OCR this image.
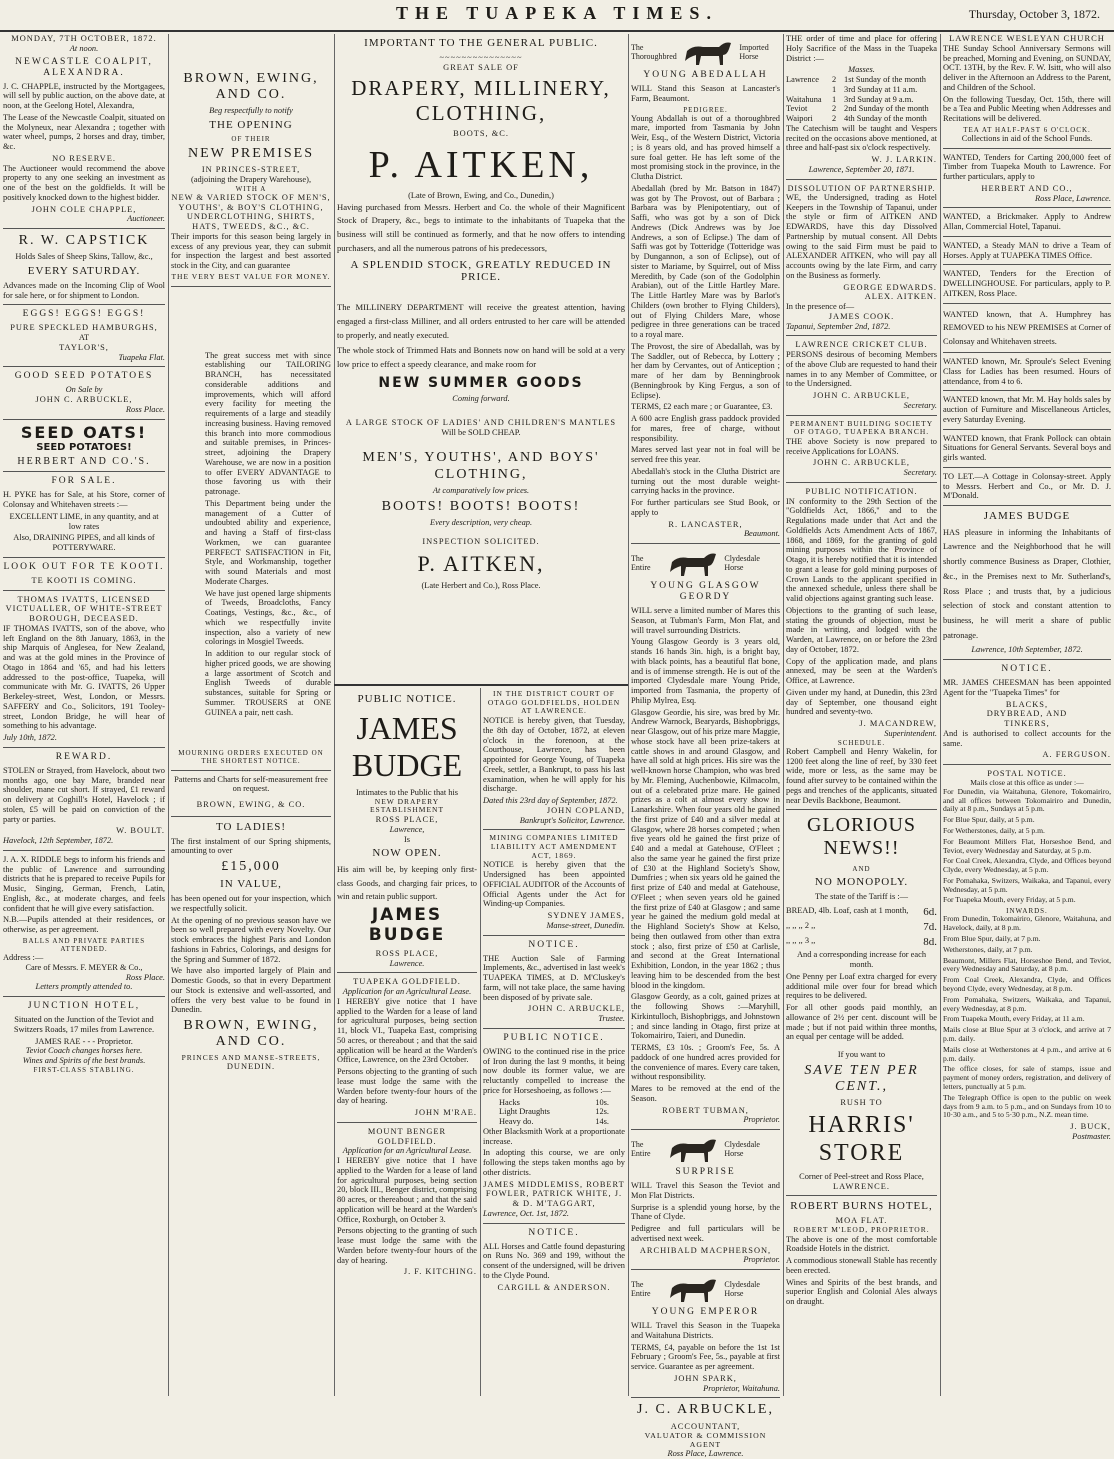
THE TUAPEKA TIMES.	Thursday, October 3, 1872.
MONDAY, 7TH OCTOBER, 1872.
At noon.
NEWCASTLE COALPIT, ALEXANDRA.

J. C. CHAPPLE, instructed by the Mortgagees, will sell by public auction, on the above date, at noon, at the Geelong Hotel, Alexandra,

The Lease of the Newcastle Coalpit, situated on the Molyneux, near Alexandra ; together with water wheel, pumps, 2 horses and dray, timber, &c.

NO RESERVE.

The Auctioneer would recommend the above property to any one seeking an investment as one of the best on the goldfields. It will be positively knocked down to the highest bidder.

JOHN COLE CHAPPLE,
Auctioneer.
R. W. CAPSTICK

Holds Sales of Sheep Skins, Tallow, &c.,

EVERY SATURDAY.

Advances made on the Incoming Clip of Wool for sale here, or for shipment to London.

EGGS! EGGS! EGGS!
PURE SPECKLED HAMBURGHS,
AT
TAYLOR'S,
Tuapeka Flat.
GOOD SEED POTATOES
On Sale by
JOHN C. ARBUCKLE,
Ross Place.
SEED OATS!
SEED POTATOES!
HERBERT AND CO.'S.
FOR SALE.

H. PYKE has for Sale, at his Store, corner of Colonsay and Whitehaven streets :—

EXCELLENT LIME, in any quantity, and at low rates

Also, DRAINING PIPES, and all kinds of POTTERYWARE.

LOOK OUT FOR TE KOOTI.
TE KOOTI IS COMING.
THOMAS IVATTS, LICENSED VICTUALLER, OF WHITE-STREET BOROUGH, DECEASED.

IF THOMAS IVATTS, son of the above, who left England on the 8th January, 1863, in the ship Marquis of Anglesea, for New Zealand, and was at the gold mines in the Province of Otago in 1864 and '65, and had his letters addressed to the post-office, Tuapeka, will communicate with Mr. G. IVATTS, 26 Upper Berkeley-street, West, London, or Messrs. SAFFERY and Co., Solicitors, 191 Tooley-street, London Bridge, he will hear of something to his advantage.

July 10th, 1872.
REWARD.

STOLEN or Strayed, from Havelock, about two months ago, one bay Mare, branded near shoulder, mane cut short. If strayed, £1 reward on delivery at Coghill's Hotel, Havelock ; if stolen, £5 will be paid on conviction of the party or parties.

W. BOULT.
Havelock, 12th September, 1872.

J. A. X. RIDDLE begs to inform his friends and the public of Lawrence and surrounding districts that he is prepared to receive Pupils for Music, Singing, German, French, Latin, English, &c., at moderate charges, and feels confident that he will give every satisfaction.

N.B.—Pupils attended at their residences, or otherwise, as per agreement.

BALLS AND PRIVATE PARTIES ATTENDED.
Address :—
Care of Messrs. F. MEYER & Co.,
Ross Place.
Letters promptly attended to.
JUNCTION HOTEL,

Situated on the Junction of the Teviot and Switzers Roads, 17 miles from Lawrence.

JAMES RAE - - - Proprietor.
Teviot Coach changes horses here.
Wines and Spirits of the best brands.
FIRST-CLASS STABLING.
BROWN, EWING, AND CO.
Beg respectfully to notify
THE OPENING
OF THEIR
NEW PREMISES
IN PRINCES-STREET,
(adjoining the Drapery Warehouse),
WITH A
NEW & VARIED STOCK OF MEN'S,
YOUTHS', & BOY'S CLOTHING,
UNDERCLOTHING, SHIRTS,
HATS, TWEEDS, &C., &C.

Their imports for this season being largely in excess of any previous year, they can submit for inspection the largest and best assorted stock in the City, and can guarantee

THE VERY BEST VALUE FOR MONEY.

The great success met with since establishing our TAILORING BRANCH, has necessitated considerable additions and improvements, which will afford every facility for meeting the requirements of a large and steadily increasing business. Having removed this branch into more commodious and suitable premises, in Princes-street, adjoining the Drapery Warehouse, we are now in a position to offer EVERY ADVANTAGE to those favoring us with their patronage.

This Department being under the management of a Cutter of undoubted ability and experience, and having a Staff of first-class Workmen, we can guarantee PERFECT SATISFACTION in Fit, Style, and Workmanship, together with sound Materials and most Moderate Charges.

We have just opened large shipments of Tweeds, Broadcloths, Fancy Coatings, Vestings, &c., &c., of which we respectfully invite inspection, also a variety of new colorings in Mosgiel Tweeds.

In addition to our regular stock of higher priced goods, we are showing a large assortment of Scotch and English Tweeds of durable substances, suitable for Spring or Summer. TROUSERS at ONE GUINEA a pair, nett cash.

MOURNING ORDERS EXECUTED ON THE SHORTEST NOTICE.

Patterns and Charts for self-measurement free on request.

BROWN, EWING, & CO.
TO LADIES!

The first instalment of our Spring shipments, amounting to over

£15,000
IN VALUE,

has been opened out for your inspection, which we respectfully solicit.

At the opening of no previous season have we been so well prepared with every Novelty. Our stock embraces the highest Paris and London fashions in Fabrics, Colorings, and designs for the Spring and Summer of 1872.

We have also imported largely of Plain and Domestic Goods, so that in every Department our Stock is extensive and well-assorted, and offers the very best value to be found in Dunedin.

BROWN, EWING, AND CO.
PRINCES AND MANSE-STREETS,
DUNEDIN.
IMPORTANT TO THE GENERAL PUBLIC.
~~~~~~~~~~~~~~~
GREAT SALE OF
DRAPERY, MILLINERY, CLOTHING,
BOOTS, &C.
P. AITKEN,
(Late of Brown, Ewing, and Co., Dunedin,)

Having purchased from Messrs. Herbert and Co. the whole of their Magnificent Stock of Drapery, &c., begs to intimate to the inhabitants of Tuapeka that the business will still be continued as formerly, and that he now offers to intending purchasers, and all the numerous patrons of his predecessors,

A SPLENDID STOCK, GREATLY REDUCED IN PRICE.

The MILLINERY DEPARTMENT will receive the greatest attention, having engaged a first-class Milliner, and all orders entrusted to her care will be attended to properly, and neatly executed.

The whole stock of Trimmed Hats and Bonnets now on hand will be sold at a very low price to effect a speedy clearance, and make room for

NEW SUMMER GOODS
Coming forward.
A LARGE STOCK OF LADIES' AND CHILDREN'S MANTLES
Will be SOLD CHEAP.
MEN'S, YOUTHS', AND BOYS' CLOTHING,
At comparatively low prices.
BOOTS! BOOTS! BOOTS!
Every description, very cheap.
INSPECTION SOLICITED.
P. AITKEN,
(Late Herbert and Co.), Ross Place.
PUBLIC NOTICE.
JAMES BUDGE
Intimates to the Public that his
NEW DRAPERY ESTABLISHMENT
ROSS PLACE,
Lawrence,
Is
NOW OPEN.

His aim will be, by keeping only first-class Goods, and charging fair prices, to win and retain public support.

JAMES BUDGE
ROSS PLACE,
Lawrence.
TUAPEKA GOLDFIELD.
Application for an Agricultural Lease.

I HEREBY give notice that I have applied to the Warden for a lease of land for agricultural purposes, being section 11, block VI., Tuapeka East, comprising 50 acres, or thereabout ; and that the said application will be heard at the Warden's Office, Lawrence, on the 23rd October.

Persons objecting to the granting of such lease must lodge the same with the Warden before twenty-four hours of the day of hearing.

JOHN M'RAE.
MOUNT BENGER GOLDFIELD.
Application for an Agricultural Lease.

I HEREBY give notice that I have applied to the Warden for a lease of land for agricultural purposes, being section 20, block III., Benger district, comprising 80 acres, or thereabout ; and that the said application will be heard at the Warden's Office, Roxburgh, on October 3.

Persons objecting to the granting of such lease must lodge the same with the Warden before twenty-four hours of the day of hearing.

J. F. KITCHING.
IN THE DISTRICT COURT OF OTAGO GOLDFIELDS, HOLDEN AT LAWRENCE.

NOTICE is hereby given, that Tuesday, the 8th day of October, 1872, at eleven o'clock in the forenoon, at the Courthouse, Lawrence, has been appointed for George Young, of Tuapeka Creek, settler, a Bankrupt, to pass his last examination, when he will apply for his discharge.

Dated this 23rd day of September, 1872.
JOHN COPLAND,
Bankrupt's Solicitor, Lawrence.
MINING COMPANIES LIMITED LIABILITY ACT AMENDMENT ACT, 1869.

NOTICE is hereby given that the Undersigned has been appointed OFFICIAL AUDITOR of the Accounts of Official Agents under the Act for Winding-up Companies.

SYDNEY JAMES,
Manse-street, Dunedin.
NOTICE.

THE Auction Sale of Farming Implements, &c., advertised in last week's TUAPEKA TIMES, at D. M'Cluskey's farm, will not take place, the same having been disposed of by private sale.

JOHN C. ARBUCKLE,
Trustee.
PUBLIC NOTICE.

OWING to the continued rise in the price of Iron during the last 9 months, it being now double its former value, we are reluctantly compelled to increase the price for Horseshoeing, as follows :—

Hacks	10s.
Light Draughts	12s.
Heavy do.	14s.

Other Blacksmith Work at a proportionate increase.

In adopting this course, we are only following the steps taken months ago by other districts.

JAMES MIDDLEMISS, ROBERT FOWLER, PATRICK WHITE, J. & D. M'TAGGART,
Lawrence, Oct. 1st, 1872.
NOTICE.

ALL Horses and Cattle found depasturing on Runs No. 369 and 199, without the consent of the undersigned, will be driven to the Clyde Pound.

CARGILL & ANDERSON.
The Thoroughbred
Imported Horse
YOUNG ABEDALLAH

WILL Stand this Season at Lancaster's Farm, Beaumont.

PEDIGREE.

Young Abdallah is out of a thoroughbred mare, imported from Tasmania by John Weir, Esq., of the Western District, Victoria ; is 8 years old, and has proved himself a sure foal getter. He has left some of the most promising stock in the province, in the Clutha District.

Abedallah (bred by Mr. Batson in 1847) was got by The Provost, out of Barbara ; Barbara was by Plenipotentiary, out of Saffi, who was got by a son of Dick Andrews (Dick Andrews was by Joe Andrews, a son of Eclipse.) The dam of Saffi was got by Totteridge (Totteridge was by Dungannon, a son of Eclipse), out of sister to Mariame, by Squirrel, out of Miss Meredith, by Cade (son of the Godolphin Arabian), out of the Little Hartley Mare. The Little Hartley Mare was by Barlot's Childers (own brother to Flying Childers), out of Flying Childers Mare, whose pedigree in three generations can be traced to a royal mare.

The Provost, the sire of Abedallah, was by The Saddler, out of Rebecca, by Lottery ; her dam by Cervantes, out of Antiception ; mare of her dam by Benningbrook (Benningbrook by King Fergus, a son of Eclipse).

TERMS, £2 each mare ; or Guarantee, £3.

A 600 acre English grass paddock provided for mares, free of charge, without responsibility.

Mares served last year not in foal will be served free this year.

Abedallah's stock in the Clutha District are turning out the most durable weight-carrying hacks in the province.

For further particulars see Stud Book, or apply to

R. LANCASTER,
Beaumont.
The Entire
Clydesdale Horse
YOUNG GLASGOW GEORDY

WILL serve a limited number of Mares this Season, at Tubman's Farm, Mon Flat, and will travel surrounding Districts.

Young Glasgow Geordy is 3 years old, stands 16 hands 3in. high, is a bright bay, with black points, has a beautiful flat bone, and is of immense strength. He is out of the imported Clydesdale mare Young Pride, imported from Tasmania, the property of Philip Mylrea, Esq.

Glasgow Geordie, his sire, was bred by Mr. Andrew Warnock, Bearyards, Bishopbriggs, near Glasgow, out of his prize mare Maggie, whose stock have all been prize-takers at cattle shows in and around Glasgow, and have all sold at high prices. His sire was the well-known horse Champion, who was bred by Mr. Fleming, Auchenbowie, Kilmacolm, out of a celebrated prize mare. He gained prizes as a colt at almost every show in Lanarkshire. When four years old he gained the first prize of £40 and a silver medal at Glasgow, where 28 horses competed ; when five years old he gained the first prize of £40 and a medal at Gatehouse, O'Fleet ; also the same year he gained the first prize of £30 at the Highland Society's Show, Dumfries ; when six years old he gained the first prize of £40 and medal at Gatehouse, O'Fleet ; when seven years old he gained the first prize of £40 at Glasgow ; and same year he gained the medium gold medal at the Highland Society's Show at Kelso, being then outlawed from other than extra stock ; also, first prize of £50 at Carlisle, and second at the Great International Exhibition, London, in the year 1862 ; thus leaving him to be descended from the best blood in the kingdom.

Glasgow Geordy, as a colt, gained prizes at the following Shows :—Maryhill, Kirkintulloch, Bishopbriggs, and Johnstown ; and since landing in Otago, first prize at Tokomairiro, Taieri, and Dunedin.

TERMS, £3 10s. ; Groom's Fee, 5s. A paddock of one hundred acres provided for the convenience of mares. Every care taken, without responsibility.

Mares to be removed at the end of the Season.

ROBERT TUBMAN,
Proprietor.
The Entire
Clydesdale Horse
SURPRISE

WILL Travel this Season the Teviot and Mon Flat Districts.

Surprise is a splendid young horse, by the Thane of Clyde.

Pedigree and full particulars will be advertised next week.

ARCHIBALD MACPHERSON,
Proprietor.
The Entire
Clydesdale Horse
YOUNG EMPEROR

WILL Travel this Season in the Tuapeka and Waitahuna Districts.

TERMS, £4, payable on before the 1st 1st February ; Groom's Fee, 5s., payable at first service. Guarantee as per agreement.

JOHN SPARK,
Proprietor, Waitahuna.
J. C. ARBUCKLE,
ACCOUNTANT,
VALUATOR & COMMISSION AGENT
Ross Place, Lawrence.

THE order of time and place for offering Holy Sacrifice of the Mass in the Tuapeka District :—

Masses.
Lawrence	2 1st Sunday of the month
1 3rd Sunday at 11 a.m.
Waitahuna	1 3rd Sunday at 9 a.m.
Teviot	2 2nd Sunday of the month
Waipori	2 4th Sunday of the month

The Catechism will be taught and Vespers recited on the occasions above mentioned, at three and half-past six o'clock respectively.

W. J. LARKIN.
Lawrence, September 20, 1871.
DISSOLUTION OF PARTNERSHIP.

WE, the Undersigned, trading as Hotel Keepers in the Township of Tapanui, under the style or firm of AITKEN AND EDWARDS, have this day Dissolved Partnership by mutual consent. All Debts owing to the said Firm must be paid to ALEXANDER AITKEN, who will pay all accounts owing by the late Firm, and carry on the Business as formerly.

GEORGE EDWARDS.
ALEX. AITKEN.
In the presence of—
JAMES COOK.
Tapanui, September 2nd, 1872.
LAWRENCE CRICKET CLUB.

PERSONS desirous of becoming Members of the above Club are requested to hand their names in to any Member of Committee, or to the Undersigned.

JOHN C. ARBUCKLE,
Secretary.
PERMANENT BUILDING SOCIETY OF OTAGO, TUAPEKA BRANCH.

THE above Society is now prepared to receive Applications for LOANS.

JOHN C. ARBUCKLE,
Secretary.
PUBLIC NOTIFICATION.

IN conformity to the 29th Section of the "Goldfields Act, 1866," and to the Regulations made under that Act and the Goldfields Acts Amendment Acts of 1867, 1868, and 1869, for the granting of gold mining purposes within the Province of Otago, it is hereby notified that it is intended to grant a lease for gold mining purposes of Crown Lands to the applicant specified in the annexed schedule, unless there shall be valid objections against granting such lease.

Objections to the granting of such lease, stating the grounds of objection, must be made in writing, and lodged with the Warden, at Lawrence, on or before the 23rd day of October, 1872.

Copy of the application made, and plans annexed, may be seen at the Warden's Office, at Lawrence.

Given under my hand, at Dunedin, this 23rd day of September, one thousand eight hundred and seventy-two.

J. MACANDREW,
Superintendent.
SCHEDULE.

Robert Campbell and Henry Wakelin, for 1200 feet along the line of reef, by 330 feet wide, more or less, as the same may be found after survey to be contained within the pegs and trenches of the applicants, situated near Devils Backbone, Beaumont.

GLORIOUS NEWS!!
AND
NO MONOPOLY.
The state of the Tariff is :—
BREAD, 4lb. Loaf, cash at 1 month, 6d.
,, ,, ,, 2 ,,	7d.
,, ,, ,, 3 ,,	8d.

And a corresponding increase for each month.

One Penny per Loaf extra charged for every additional mile over four for bread which requires to be delivered.

For all other goods paid monthly, an allowance of 2½ per cent. discount will be made ; but if not paid within three months, an equal per centage will be added.

If you want to
SAVE TEN PER CENT.,
RUSH TO
HARRIS' STORE
Corner of Peel-street and Ross Place,
LAWRENCE.
ROBERT BURNS HOTEL,
MOA FLAT.
ROBERT M'LEOD, PROPRIETOR.

The above is one of the most comfortable Roadside Hotels in the district.

A commodious stonewall Stable has recently been erected.

Wines and Spirits of the best brands, and superior English and Colonial Ales always on draught.

LAWRENCE WESLEYAN CHURCH

THE Sunday School Anniversary Sermons will be preached, Morning and Evening, on SUNDAY, OCT. 13TH, by the Rev. F. W. Isitt, who will also deliver in the Afternoon an Address to the Parent, and Children of the School.

On the following Tuesday, Oct. 15th, there will be a Tea and Public Meeting when Addresses and Recitations will be delivered.

TEA AT HALF-PAST 6 O'CLOCK.

Collections in aid of the School Funds.

WANTED, Tenders for Carting 200,000 feet of Timber from Tuapeka Mouth to Lawrence. For further particulars, apply to

HERBERT AND CO.,
Ross Place, Lawrence.

WANTED, a Brickmaker. Apply to Andrew Allan, Commercial Hotel, Tapanui.

WANTED, a Steady MAN to drive a Team of Horses. Apply at TUAPEKA TIMES Office.

WANTED, Tenders for the Erection of DWELLINGHOUSE. For particulars, apply to P. AITKEN, Ross Place.

WANTED known, that A. Humphrey has REMOVED to his NEW PREMISES at Corner of Colonsay and Whitehaven streets.

WANTED known, Mr. Sproule's Select Evening Class for Ladies has been resumed. Hours of attendance, from 4 to 6.

WANTED known, that Mr. M. Hay holds sales by auction of Furniture and Miscellaneous Articles, every Saturday Evening.

WANTED known, that Frank Pollock can obtain Situations for General Servants. Several boys and girls wanted.

TO LET.—A Cottage in Colonsay-street. Apply to Messrs. Herbert and Co., or Mr. D. J. M'Donald.

JAMES BUDGE

HAS pleasure in informing the Inhabitants of Lawrence and the Neighborhood that he will shortly commence Business as Draper, Clothier, &c., in the Premises next to Mr. Sutherland's, Ross Place ; and trusts that, by a judicious selection of stock and constant attention to business, he will merit a share of public patronage.

Lawrence, 10th September, 1872.
NOTICE.

MR. JAMES CHEESMAN has been appointed Agent for the "Tuapeka Times" for

BLACKS,
DRYBREAD, AND
TINKERS,

And is authorised to collect accounts for the same.

A. FERGUSON.
POSTAL NOTICE.
Mails close at this office as under :—

For Dunedin, via Waitahuna, Glenore, Tokomairiro, and all offices between Tokomairiro and Dunedin, daily at 8 p.m., Sundays at 5 p.m.

For Blue Spur, daily, at 5 p.m.

For Wetherstones, daily, at 5 p.m.

For Beaumont Millers Flat, Horseshoe Bend, and Teviot, every Wednesday and Saturday, at 5 p.m.

For Coal Creek, Alexandra, Clyde, and Offices beyond Clyde, every Wednesday, at 5 p.m.

For Pomahaka, Switzers, Waikaka, and Tapanui, every Wednesday, at 5 p.m.

For Tuapeka Mouth, every Friday, at 5 p.m.

INWARDS.

From Dunedin, Tokomairiro, Glenore, Waitahuna, and Havelock, daily, at 8 p.m.

From Blue Spur, daily, at 7 p.m.

Wetherstones, daily, at 7 p.m.

Beaumont, Millers Flat, Horseshoe Bend, and Teviot, every Wednesday and Saturday, at 8 p.m.

From Coal Creek, Alexandra, Clyde, and Offices beyond Clyde, every Wednesday, at 8 p.m.

From Pomahaka, Switzers, Waikaka, and Tapanui, every Wednesday, at 8 p.m.

From Tuapeka Mouth, every Friday, at 11 a.m.

Mails close at Blue Spur at 3 o'clock, and arrive at 7 p.m. daily.

Mails close at Wetherstones at 4 p.m., and arrive at 6 p.m. daily.

The office closes, for sale of stamps, issue and payment of money orders, registration, and delivery of letters, punctually at 5 p.m.

The Telegraph Office is open to the public on week days from 9 a.m. to 5 p.m., and on Sundays from 10 to 10·30 a.m., and 5 to 5·30 p.m., N.Z. mean time.

J. BUCK,
Postmaster.
